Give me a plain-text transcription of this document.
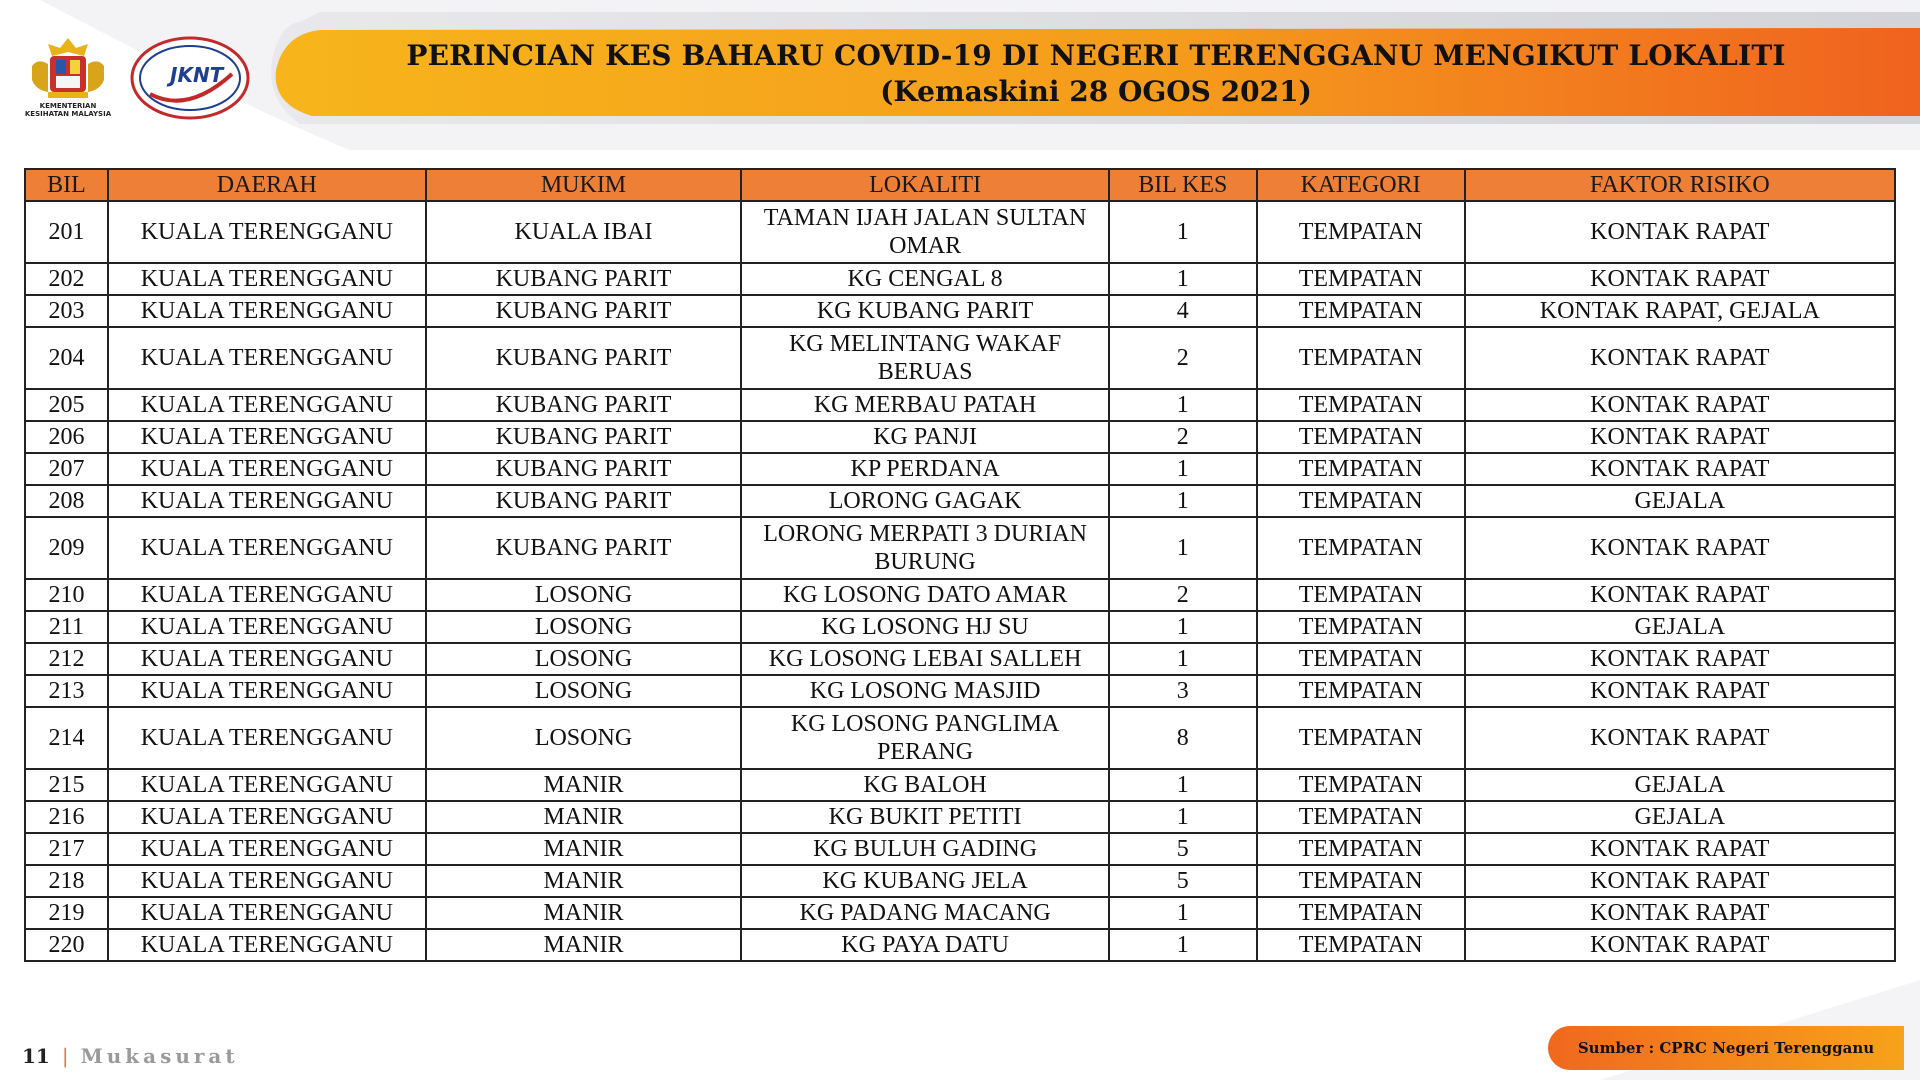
KEMENTERIAN KESIHATAN MALAYSIA
JKNT
PERINCIAN KES BAHARU COVID-19 DI NEGERI TERENGGANU MENGIKUT LOKALITI
(Kemaskini 28 OGOS 2021)
BIL	DAERAH	MUKIM	LOKALITI	BIL KES	KATEGORI	FAKTOR RISIKO
201	KUALA TERENGGANU	KUALA IBAI	TAMAN IJAH JALAN SULTAN OMAR	1	TEMPATAN	KONTAK RAPAT
202	KUALA TERENGGANU	KUBANG PARIT	KG CENGAL 8	1	TEMPATAN	KONTAK RAPAT
203	KUALA TERENGGANU	KUBANG PARIT	KG KUBANG PARIT	4	TEMPATAN	KONTAK RAPAT, GEJALA
204	KUALA TERENGGANU	KUBANG PARIT	KG MELINTANG WAKAF BERUAS	2	TEMPATAN	KONTAK RAPAT
205	KUALA TERENGGANU	KUBANG PARIT	KG MERBAU PATAH	1	TEMPATAN	KONTAK RAPAT
206	KUALA TERENGGANU	KUBANG PARIT	KG PANJI	2	TEMPATAN	KONTAK RAPAT
207	KUALA TERENGGANU	KUBANG PARIT	KP PERDANA	1	TEMPATAN	KONTAK RAPAT
208	KUALA TERENGGANU	KUBANG PARIT	LORONG GAGAK	1	TEMPATAN	GEJALA
209	KUALA TERENGGANU	KUBANG PARIT	LORONG MERPATI 3 DURIAN BURUNG	1	TEMPATAN	KONTAK RAPAT
210	KUALA TERENGGANU	LOSONG	KG LOSONG DATO AMAR	2	TEMPATAN	KONTAK RAPAT
211	KUALA TERENGGANU	LOSONG	KG LOSONG HJ SU	1	TEMPATAN	GEJALA
212	KUALA TERENGGANU	LOSONG	KG LOSONG LEBAI SALLEH	1	TEMPATAN	KONTAK RAPAT
213	KUALA TERENGGANU	LOSONG	KG LOSONG MASJID	3	TEMPATAN	KONTAK RAPAT
214	KUALA TERENGGANU	LOSONG	KG LOSONG PANGLIMA PERANG	8	TEMPATAN	KONTAK RAPAT
215	KUALA TERENGGANU	MANIR	KG BALOH	1	TEMPATAN	GEJALA
216	KUALA TERENGGANU	MANIR	KG BUKIT PETITI	1	TEMPATAN	GEJALA
217	KUALA TERENGGANU	MANIR	KG BULUH GADING	5	TEMPATAN	KONTAK RAPAT
218	KUALA TERENGGANU	MANIR	KG KUBANG JELA	5	TEMPATAN	KONTAK RAPAT
219	KUALA TERENGGANU	MANIR	KG PADANG MACANG	1	TEMPATAN	KONTAK RAPAT
220	KUALA TERENGGANU	MANIR	KG PAYA DATU	1	TEMPATAN	KONTAK RAPAT
11 | Mukasurat	Sumber : CPRC Negeri Terengganu
